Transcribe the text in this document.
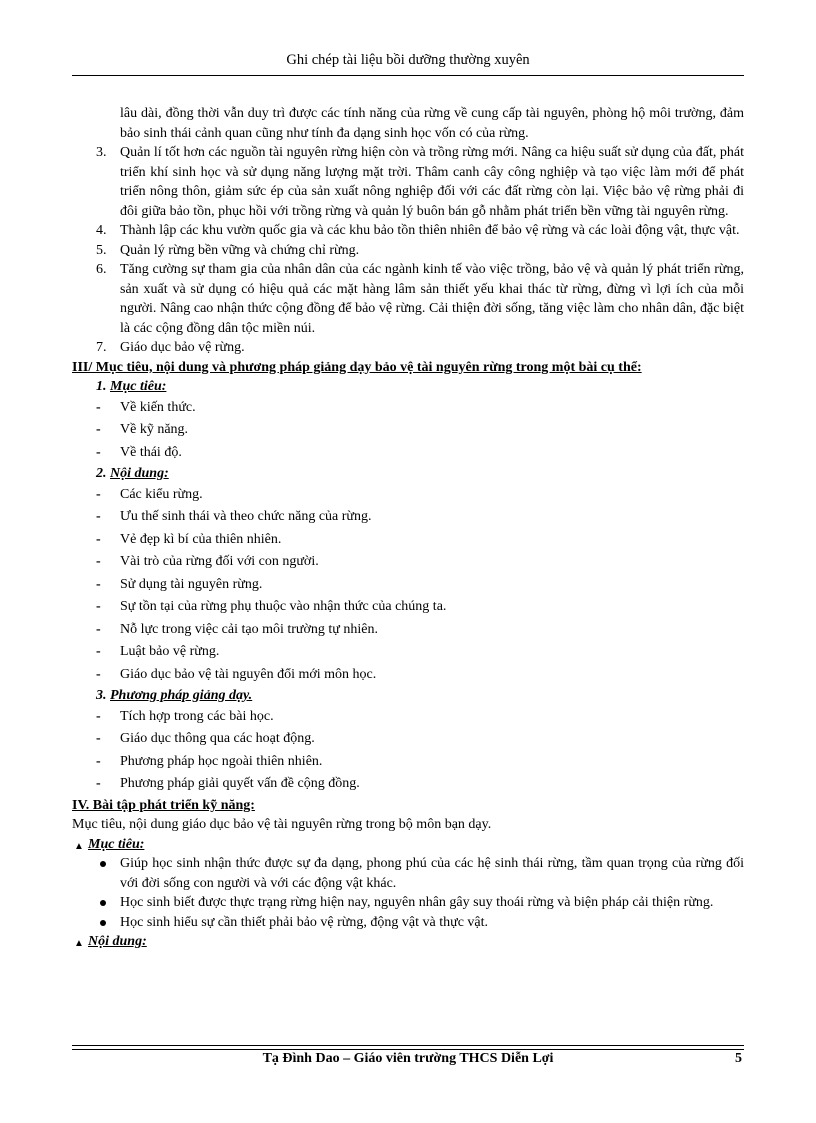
Ghi chép tài liệu bồi dưỡng thường xuyên
lâu dài, đồng thời vẫn duy trì được các tính năng của rừng về cung cấp tài nguyên, phòng hộ môi trường, đảm bảo sinh thái cảnh quan cũng như tính đa dạng sinh học vốn có của rừng.
3. Quản lí tốt hơn các nguồn tài nguyên rừng hiện còn và trồng rừng mới. Nâng ca hiệu suất sử dụng của đất, phát triển khí sinh học và sử dụng năng lượng mặt trời. Thâm canh cây công nghiệp và tạo việc làm mới để phát triển nông thôn, giảm sức ép của sản xuất nông nghiệp đối với các đất rừng còn lại. Việc bảo vệ rừng phải đi đôi giữa bảo tồn, phục hồi với trồng rừng và quản lý buôn bán gỗ nhằm phát triển bền vững tài nguyên rừng.
4. Thành lập các khu vườn quốc gia và các khu bảo tồn thiên nhiên để bảo vệ rừng và các loài động vật, thực vật.
5. Quản lý rừng bền vững và chứng chỉ rừng.
6. Tăng cường sự tham gia của nhân dân của các ngành kinh tế vào việc trồng, bảo vệ và quản lý phát triển rừng, sản xuất và sử dụng có hiệu quả các mặt hàng lâm sản thiết yếu khai thác từ rừng, đừng vì lợi ích của mỗi người. Nâng cao nhận thức cộng đồng để bảo vệ rừng. Cải thiện đời sống, tăng việc làm cho nhân dân, đặc biệt là các cộng đồng dân tộc miền núi.
7. Giáo dục bảo vệ rừng.
III/ Mục tiêu, nội dung và phương pháp giảng dạy bảo vệ tài nguyên rừng trong một bài cụ thể:
1. Mục tiêu:
- Về kiến thức.
- Về kỹ năng.
- Về thái độ.
2. Nội dung:
- Các kiểu rừng.
- Ưu thế sinh thái và theo chức năng của rừng.
- Vẻ đẹp kì bí của thiên nhiên.
- Vài trò của rừng đối với con người.
- Sử dụng tài nguyên rừng.
- Sự tồn tại của rừng phụ thuộc vào nhận thức của chúng ta.
- Nỗ lực trong việc cải tạo môi trường tự nhiên.
- Luật bảo vệ rừng.
- Giáo dục bảo vệ tài nguyên đổi mới môn học.
3. Phương pháp giảng dạy.
- Tích hợp trong các bài học.
- Giáo dục thông qua các hoạt động.
- Phương pháp học ngoài thiên nhiên.
- Phương pháp giải quyết vấn đề cộng đồng.
IV. Bài tập phát triển kỹ năng:
Mục tiêu, nội dung giáo dục bảo vệ tài nguyên rừng trong bộ môn bạn dạy.
▲ Mục tiêu:
Giúp học sinh nhận thức được sự đa dạng, phong phú của các hệ sinh thái rừng, tầm quan trọng của rừng đối với đời sống con người và với các động vật khác.
Học sinh biết được thực trạng rừng hiện nay, nguyên nhân gây suy thoái rừng và biện pháp cải thiện rừng.
Học sinh hiểu sự cần thiết phải bảo vệ rừng, động vật và thực vật.
▲ Nội dung:
Tạ Đình Dao – Giáo viên trường THCS Diễn Lợi	5
